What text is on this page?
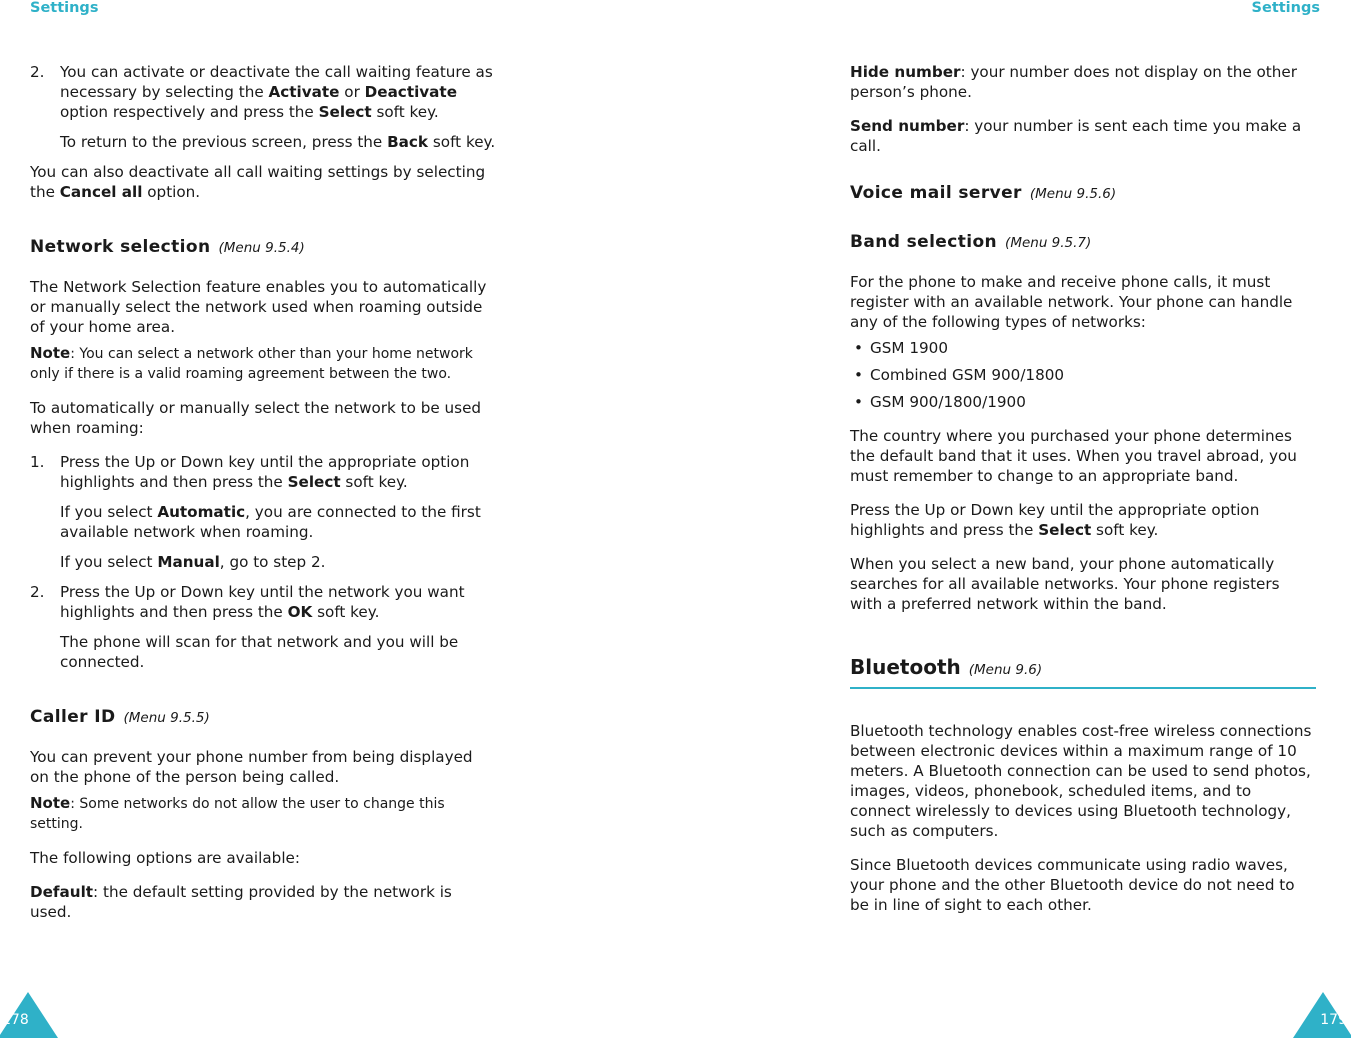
Settings
2.	You can activate or deactivate the call waiting feature as necessary by selecting the Activate or Deactivate option respectively and press the Select soft key.
To return to the previous screen, press the Back soft key.

You can also deactivate all call waiting settings by selecting the Cancel all option.

Network selection (Menu 9.5.4)

The Network Selection feature enables you to automatically or manually select the network used when roaming outside of your home area.

Note: You can select a network other than your home network only if there is a valid roaming agreement between the two.

To automatically or manually select the network to be used when roaming:

1.	Press the Up or Down key until the appropriate option highlights and then press the Select soft key.
If you select Automatic, you are connected to the first available network when roaming.
If you select Manual, go to step 2.
2.	Press the Up or Down key until the network you want highlights and then press the OK soft key.
The phone will scan for that network and you will be connected.
Caller ID (Menu 9.5.5)

You can prevent your phone number from being displayed on the phone of the person being called.

Note: Some networks do not allow the user to change this setting.

The following options are available:

Default: the default setting provided by the network is used.

178
Settings

Hide number: your number does not display on the other person’s phone.

Send number: your number is sent each time you make a call.

Voice mail server (Menu 9.5.6)
Band selection (Menu 9.5.7)

For the phone to make and receive phone calls, it must register with an available network. Your phone can handle any of the following types of networks:

• GSM 1900
• Combined GSM 900/1800
• GSM 900/1800/1900

The country where you purchased your phone determines the default band that it uses. When you travel abroad, you must remember to change to an appropriate band.

Press the Up or Down key until the appropriate option highlights and press the Select soft key.

When you select a new band, your phone automatically searches for all available networks. Your phone registers with a preferred network within the band.

Bluetooth (Menu 9.6)

Bluetooth technology enables cost-free wireless connections between electronic devices within a maximum range of 10 meters. A Bluetooth connection can be used to send photos, images, videos, phonebook, scheduled items, and to connect wirelessly to devices using Bluetooth technology, such as computers.

Since Bluetooth devices communicate using radio waves, your phone and the other Bluetooth device do not need to be in line of sight to each other.

179
